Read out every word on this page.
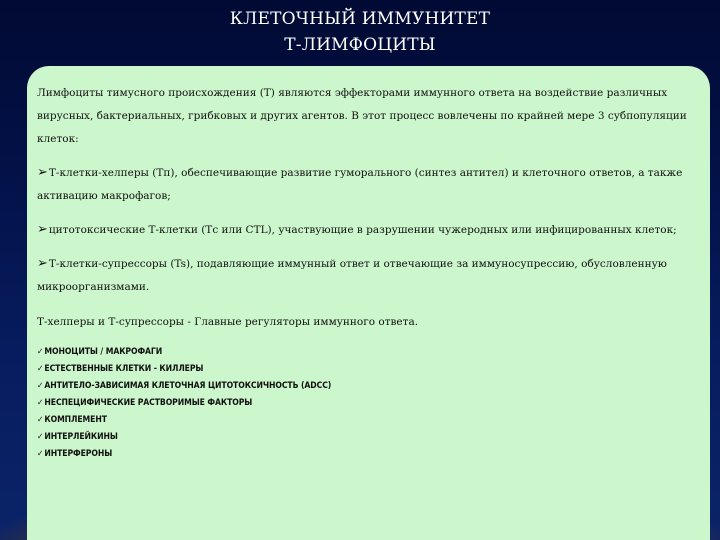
КЛЕТОЧНЫЙ ИММУНИТЕТ
Т-ЛИМФОЦИТЫ

Лимфоциты тимусного происхождения (Т) являются эффекторами иммунного ответа на воздействие различных вирусных, бактериальных, грибковых и других агентов. В этот процесс вовлечены по крайней мере 3 субпопуляции клеток:

➢Т-клетки-хелперы (Тп), обеспечивающие развитие гуморального (синтез антител) и клеточного ответов, а также активацию макрофагов;

➢цитотоксические Т-клетки (Тс или CTL), участвующие в разрушении чужеродных или инфицированных клеток;

➢Т-клетки-супрессоры (Ts), подавляющие иммунный ответ и отвечающие за иммуносупрессию, обусловленную микроорганизмами.

Т-хелперы и Т-супрессоры - Главные регуляторы иммунного ответа.

✓МОНОЦИТЫ / МАКРОФАГИ
✓ЕСТЕСТВЕННЫЕ КЛЕТКИ - КИЛЛЕРЫ
✓АНТИТЕЛО-ЗАВИСИМАЯ КЛЕТОЧНАЯ ЦИТОТОКСИЧНОСТЬ (ADCC)
✓НЕСПЕЦИФИЧЕСКИЕ РАСТВОРИМЫЕ ФАКТОРЫ
✓КОМПЛЕМЕНТ
✓ИНТЕРЛЕЙКИНЫ
✓ИНТЕРФЕРОНЫ
